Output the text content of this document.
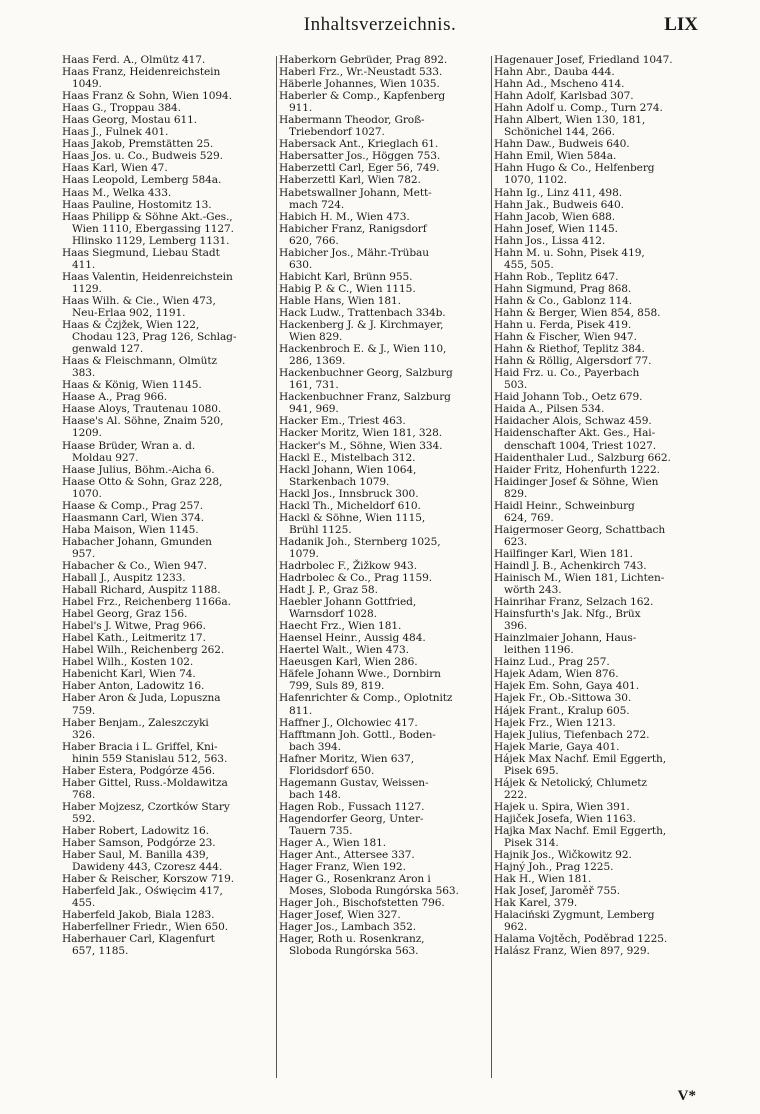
Inhaltsverzeichnis.	LIX
Haas Ferd. A., Olmütz 417.
Haas Franz, Heidenreichstein
1049.
Haas Franz & Sohn, Wien 1094.
Haas G., Troppau 384.
Haas Georg, Mostau 611.
Haas J., Fulnek 401.
Haas Jakob, Premstätten 25.
Haas Jos. u. Co., Budweis 529.
Haas Karl, Wien 47.
Haas Leopold, Lemberg 584a.
Haas M., Welka 433.
Haas Pauline, Hostomitz 13.
Haas Philipp & Söhne Akt.-Ges.,
Wien 1110, Ebergassing 1127.
Hlinsko 1129, Lemberg 1131.
Haas Siegmund, Liebau Stadt
411.
Haas Valentin, Heidenreichstein
1129.
Haas Wilh. & Cie., Wien 473,
Neu-Erlaa 902, 1191.
Haas & Čzjžek, Wien 122,
Chodau 123, Prag 126, Schlag-
genwald 127.
Haas & Fleischmann, Olmütz
383.
Haas & König, Wien 1145.
Haase A., Prag 966.
Haase Aloys, Trautenau 1080.
Haase's Al. Söhne, Znaim 520,
1209.
Haase Brüder, Wran a. d.
Moldau 927.
Haase Julius, Böhm.-Aicha 6.
Haase Otto & Sohn, Graz 228,
1070.
Haase & Comp., Prag 257.
Haasmann Carl, Wien 374.
Haba Maison, Wien 1145.
Habacher Johann, Gmunden
957.
Habacher & Co., Wien 947.
Haball J., Auspitz 1233.
Haball Richard, Auspitz 1188.
Habel Frz., Reichenberg 1166a.
Habel Georg, Graz 156.
Habel's J. Witwe, Prag 966.
Habel Kath., Leitmeritz 17.
Habel Wilh., Reichenberg 262.
Habel Wilh., Kosten 102.
Habenicht Karl, Wien 74.
Haber Anton, Ladowitz 16.
Haber Aron & Juda, Lopuszna
759.
Haber Benjam., Zaleszczyki
326.
Haber Bracia i L. Griffel, Kni-
hinin 559 Stanislau 512, 563.
Haber Estera, Podgórze 456.
Haber Gittel, Russ.-Moldawitza
768.
Haber Mojzesz, Czortków Stary
592.
Haber Robert, Ladowitz 16.
Haber Samson, Podgórze 23.
Haber Saul, M. Banilla 439,
Dawideny 443, Czoresz 444.
Haber & Reischer, Korszow 719.
Haberfeld Jak., Oświęcim 417,
455.
Haberfeld Jakob, Biala 1283.
Haberfellner Friedr., Wien 650.
Haberhauer Carl, Klagenfurt
657, 1185.
Haberkorn Gebrüder, Prag 892.
Haberl Frz., Wr.-Neustadt 533.
Häberle Johannes, Wien 1035.
Haberler & Comp., Kapfenberg
911.
Habermann Theodor, Groß-
Triebendorf 1027.
Habersack Ant., Krieglach 61.
Habersatter Jos., Höggen 753.
Haberzettl Carl, Eger 56, 749.
Haberzettl Karl, Wien 782.
Habetswallner Johann, Mett-
mach 724.
Habich H. M., Wien 473.
Habicher Franz, Ranigsdorf
620, 766.
Habicher Jos., Mähr.-Trübau
630.
Habicht Karl, Brünn 955.
Habig P. & C., Wien 1115.
Hable Hans, Wien 181.
Hack Ludw., Trattenbach 334b.
Hackenberg J. & J. Kirchmayer,
Wien 829.
Hackenbroch E. & J., Wien 110,
286, 1369.
Hackenbuchner Georg, Salzburg
161, 731.
Hackenbuchner Franz, Salzburg
941, 969.
Hacker Em., Triest 463.
Hacker Moritz, Wien 181, 328.
Hacker's M., Söhne, Wien 334.
Hackl E., Mistelbach 312.
Hackl Johann, Wien 1064,
Starkenbach 1079.
Hackl Jos., Innsbruck 300.
Hackl Th., Micheldorf 610.
Hackl & Söhne, Wien 1115,
Brühl 1125.
Hadanik Joh., Sternberg 1025,
1079.
Hadrbolec F., Žižkow 943.
Hadrbolec & Co., Prag 1159.
Hadt J. P., Graz 58.
Haebler Johann Gottfried,
Warnsdorf 1028.
Haecht Frz., Wien 181.
Haensel Heinr., Aussig 484.
Haertel Walt., Wien 473.
Haeusgen Karl, Wien 286.
Häfele Johann Wwe., Dornbirn
799, Suls 89, 819.
Hafenrichter & Comp., Oplotnitz
811.
Haffner J., Olchowiec 417.
Hafftmann Joh. Gottl., Boden-
bach 394.
Hafner Moritz, Wien 637,
Floridsdorf 650.
Hagemann Gustav, Weissen-
bach 148.
Hagen Rob., Fussach 1127.
Hagendorfer Georg, Unter-
Tauern 735.
Hager A., Wien 181.
Hager Ant., Attersee 337.
Hager Franz, Wien 192.
Hager G., Rosenkranz Aron i
Moses, Sloboda Rungórska 563.
Hager Joh., Bischofstetten 796.
Hager Josef, Wien 327.
Hager Jos., Lambach 352.
Hager, Roth u. Rosenkranz,
Sloboda Rungórska 563.
Hagenauer Josef, Friedland 1047.
Hahn Abr., Dauba 444.
Hahn Ad., Mscheno 414.
Hahn Adolf, Karlsbad 307.
Hahn Adolf u. Comp., Turn 274.
Hahn Albert, Wien 130, 181,
Schönichel 144, 266.
Hahn Daw., Budweis 640.
Hahn Emil, Wien 584a.
Hahn Hugo & Co., Helfenberg
1070, 1102.
Hahn Ig., Linz 411, 498.
Hahn Jak., Budweis 640.
Hahn Jacob, Wien 688.
Hahn Josef, Wien 1145.
Hahn Jos., Lissa 412.
Hahn M. u. Sohn, Pisek 419,
455, 505.
Hahn Rob., Teplitz 647.
Hahn Sigmund, Prag 868.
Hahn & Co., Gablonz 114.
Hahn & Berger, Wien 854, 858.
Hahn u. Ferda, Pisek 419.
Hahn & Fischer, Wien 947.
Hahn & Riethof, Teplitz 384.
Hahn & Röllig, Algersdorf 77.
Haid Frz. u. Co., Payerbach
503.
Haid Johann Tob., Oetz 679.
Haida A., Pilsen 534.
Haidacher Alois, Schwaz 459.
Haidenschafter Akt. Ges., Hai-
denschaft 1004, Triest 1027.
Haidenthaler Lud., Salzburg 662.
Haider Fritz, Hohenfurth 1222.
Haidinger Josef & Söhne, Wien
829.
Haidl Heinr., Schweinburg
624, 769.
Haigermoser Georg, Schattbach
623.
Hailfinger Karl, Wien 181.
Haindl J. B., Achenkirch 743.
Hainisch M., Wien 181, Lichten-
wörth 243.
Hainrihar Franz, Selzach 162.
Hainsfurth's Jak. Nfg., Brüx
396.
Hainzlmaier Johann, Haus-
leithen 1196.
Hainz Lud., Prag 257.
Hajek Adam, Wien 876.
Hajek Em. Sohn, Gaya 401.
Hajek Fr., Ob.-Sittowa 30.
Hájek Frant., Kralup 605.
Hajek Frz., Wien 1213.
Hajek Julius, Tiefenbach 272.
Hajek Marie, Gaya 401.
Hájek Max Nachf. Emil Eggerth,
Pisek 695.
Hájek & Netolický, Chlumetz
222.
Hajek u. Spira, Wien 391.
Hajiček Josefa, Wien 1163.
Hajka Max Nachf. Emil Eggerth,
Pisek 314.
Hajnik Jos., Wičkowitz 92.
Hajný Joh., Prag 1225.
Hak H., Wien 181.
Hak Josef, Jaroměř 755.
Hak Karel, 379.
Halaciński Zygmunt, Lemberg
962.
Halama Vojtěch, Poděbrad 1225.
Halász Franz, Wien 897, 929.
V*
